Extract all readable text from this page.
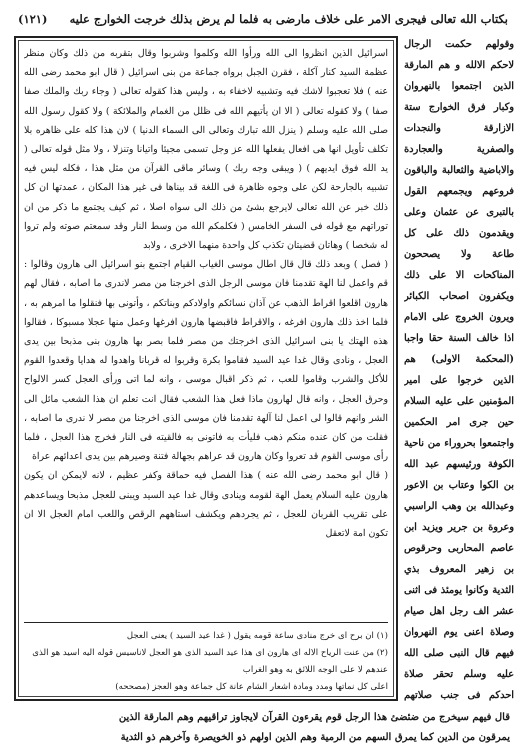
بكتاب الله تعالى فيجرى الامر على خلاف مارضى به فلما لم يرض بذلك خرجت الخوارج عليه
(١٢١)

وقولهم حكمت الرجال لاحكم الالله و هم المارقة الذين اجتمعوا بالنهروان وكبار فرق الخوارج ستة الازارقة والنجدات والصفرية والعجاردة والاباضية والثعالبة والباقون فروعهم ويجمعهم القول بالتبرى عن عثمان وعلى ويقدمون ذلك على كل طاعة ولا يصححون المناكحات الا على ذلك ويكفرون اصحاب الكبائر ويرون الخروج على الامام اذا خالف السنة حقا واجبا (المحكمة الاولى) هم الذين خرجوا على امير المؤمنين على عليه السلام حين جرى امر الحكمين واجتمعوا بحروراء من ناحية الكوفة ورئيسهم عبد الله بن الكوا وعتاب بن الاعور وعبدالله بن وهب الراسبي وعروة بن جرير ويزيد ابن عاصم المحاربى وحرقوص بن زهير المعروف بذي الثدية وكانوا يومئذ فى اثنى عشر الف رجل اهل صيام وصلاة اعنى يوم النهروان فيهم قال النبى صلى الله عليه وسلم تحقر صلاة احدكم فى جنب صلاتهم

اسرائيل الذين انظروا الى الله ورأوا الله وكلموا وشربوا وقال بتقربه من ذلك وكان منظر عظمة السيد كنار آكلة ، فقرن الجبل برواه جماعة من بنى اسرائيل ( قال ابو محمد رضى الله عنه ) فلا تعجبوا لاشك فيه وتشبيه لاخفاء به ، وليس هذا كقوله تعالى ( وجاء ربك والملك صفا صفا ) ولا كقوله تعالى ( الا ان يأتيهم الله فى ظلل من الغمام والملائكة ) ولا كقول رسول الله صلى الله عليه وسلم ( ينزل الله تبارك وتعالى الى السماء الدنيا ) لان هذا كله على ظاهره بلا تكلف تأويل انها هى افعال يفعلها الله عز وجل تسمى مجيئا واتيانا وتنزلا ، ولا مثل قوله تعالى ( يد الله فوق ايديهم ) ( ويبقى وجه ربك ) وسائر ماقى القرآن من مثل هذا ، فكله ليس فيه تشبيه بالجارحة لكن على وجوه ظاهرة فى اللغة قد بيناها فى غير هذا المكان ، عمدتها ان كل ذلك خبر عن الله تعالى لايرجع بشئ من ذلك الى سواه اصلا ، ثم كيف يجتمع ما ذكر من ان توراتهم مع قوله فى السفر الخامس ( فكلمكم الله من وسط النار وقد سمعتم صوته ولم تروا له شخصا ) وهاتان قضيتان تكذب كل واحدة منهما الاخرى ، ولابد

( فصل ) وبعد ذلك قال قال اطال موسى الغياب القيام اجتمع بنو اسرائيل الى هارون وقالوا : قم واعمل لنا الهة تقدمنا فان موسى الرجل الذى اخرجنا من مصر لاندرى ما اصابه ، فقال لهم هارون اقلعوا اقراط الذهب عن آذان نسائكم واولادكم وبناتكم ، وأتونى بها فنقلوا ما امرهم به ، فلما اخذ ذلك هارون افرغه ، والاقراط فاقبضها هارون افرغها وعمل منها عجلا مسبوكا ، فقالوا هذه الهتك يا بنى اسرائيل الذى اخرجتك من مصر فلما بصر بها هارون بنى مذبحا بين يدى العجل ، ونادى وقال غدا عيد السيد فقاموا بكرة وقربوا له قربانا واهدوا له هدايا وقعدوا القوم للأكل والشرب وقاموا للعب ، ثم ذكر اقبال موسى ، وانه لما اتى ورأى العجل كسر الالواح وحرق العجل ، وانه قال لهارون ماذا فعل هذا الشعب فقال انت تعلم ان هذا الشعب مائل الى الشر وانهم قالوا لى اعمل لنا آلهة تقدمنا فان موسى الذى اخرجنا من مصر لا ندرى ما اصابه ، فقلت من كان عنده منكم ذهب فليأت به فاتونى به فالقيته فى النار فخرج هذا العجل ، فلما رأى موسى القوم قد تعروا وكان هارون قد عراهم بجهالة فتنة وصيرهم بين يدى اعدائهم عراة

( قال ابو محمد رضى الله عنه ) هذا الفصل فيه حماقة وكفر عظيم ، لانه لايمكن ان يكون هارون عليه السلام يعمل الهة لقومه وينادى وقال غدا عيد السيد ويبنى للعجل مذبحا ويساعدهم على تقريب القربان للعجل ، ثم يجردهم ويكشف استاههم الرقص واللعب امام العجل الا ان تكون امة لاتعقل

(١) ان برح اى خرج منادى ساعة قومه يقول ( غدا عيد السيد ) يعنى العجل

(٢) من عنت الرياح الاله اى هارون اى هذا عيد السيد الذى هو العجل لاناسيس قوله اليه اسيد هو الذى عندهم لا على الوجه اللائق به وهو الغراب

اعلى كل نماتها ومدد ومادة اشعار الشام عانة كل جماعة وهو العجز (مصححه)

قال فيهم سيخرج من ضئضئ هذا الرجل قوم يقرءون القرآن لايجاوز تراقيهم وهم المارقة الذين

يمرقون من الدين كما يمرق السهم من الرمية وهم الذين اولهم ذو الخويصرة وآخرهم ذو الثدية
